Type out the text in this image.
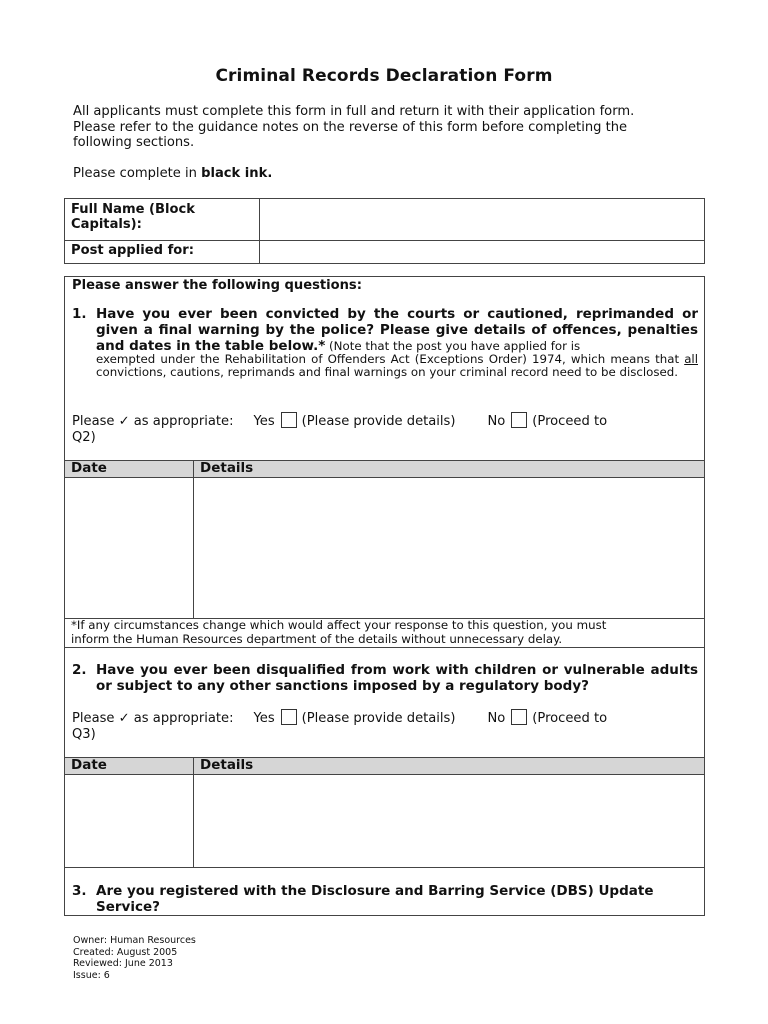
Criminal Records Declaration Form
All applicants must complete this form in full and return it with their application form.
Please refer to the guidance notes on the reverse of this form before completing the
following sections.
Please complete in black ink.
Full Name (Block
Capitals):	

Post applied for:	
Please answer the following questions:
1. Have you ever been convicted by the courts or cautioned, reprimanded or given a final warning by the police? Please give details of offences, penalties and dates in the table below.* (Note that the post you have applied for is
exempted under the Rehabilitation of Offenders Act (Exceptions Order) 1974, which means that all convictions, cautions, reprimands and final warnings on your criminal record need to be disclosed.
Please ✓ as appropriate: Yes (Please provide details) No (Proceed to
Q2)
Date	Details
*If any circumstances change which would affect your response to this question, you must
inform the Human Resources department of the details without unnecessary delay.
2. Have you ever been disqualified from work with children or vulnerable adults or subject to any other sanctions imposed by a regulatory body?
Please ✓ as appropriate: Yes (Please provide details) No (Proceed to
Q3)
Date	Details
3. Are you registered with the Disclosure and Barring Service (DBS) Update Service?
Owner: Human Resources
Created: August 2005
Reviewed: June 2013
Issue: 6
